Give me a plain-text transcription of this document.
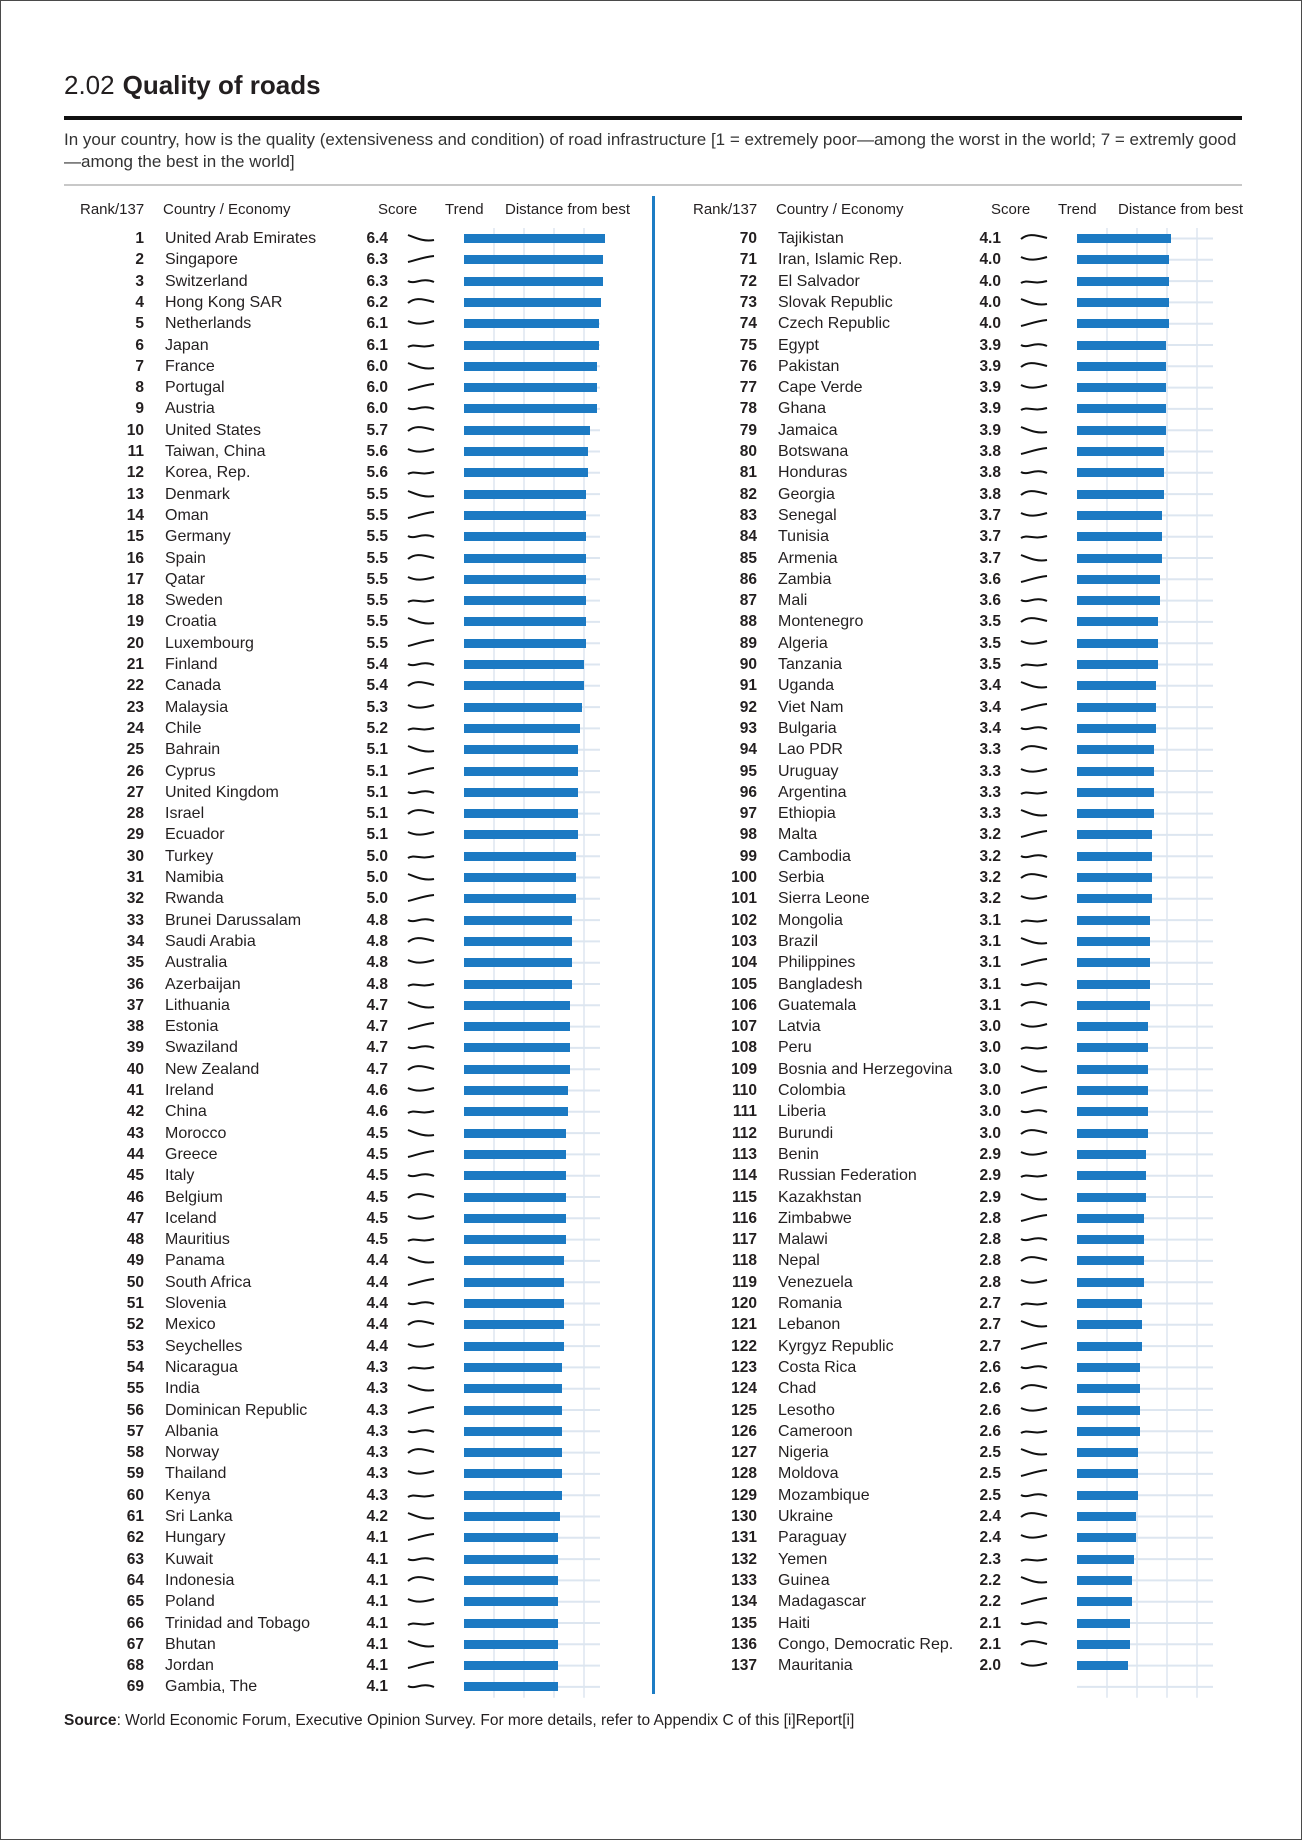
2.02 Quality of roads
In your country, how is the quality (extensiveness and condition) of road infrastructure [1 = extremely poor—among the worst in the world; 7 = extremly good—among the best in the world]
Rank/137 Country / Economy	Score Trend Distance from best	Rank/137 Country / Economy	Score Trend Distance from best
1 United Arab Emirates	6.4
2 Singapore	6.3
3 Switzerland	6.3
4 Hong Kong SAR	6.2
5 Netherlands	6.1
6 Japan	6.1
7 France	6.0
8 Portugal	6.0
9 Austria	6.0
10 United States	5.7
11 Taiwan, China	5.6
12 Korea, Rep.	5.6
13 Denmark	5.5
14 Oman	5.5
15 Germany	5.5
16 Spain	5.5
17 Qatar	5.5
18 Sweden	5.5
19 Croatia	5.5
20 Luxembourg	5.5
21 Finland	5.4
22 Canada	5.4
23 Malaysia	5.3
24 Chile	5.2
25 Bahrain	5.1
26 Cyprus	5.1
27 United Kingdom	5.1
28 Israel	5.1
29 Ecuador	5.1
30 Turkey	5.0
31 Namibia	5.0
32 Rwanda	5.0
33 Brunei Darussalam	4.8
34 Saudi Arabia	4.8
35 Australia	4.8
36 Azerbaijan	4.8
37 Lithuania	4.7
38 Estonia	4.7
39 Swaziland	4.7
40 New Zealand	4.7
41 Ireland	4.6
42 China	4.6
43 Morocco	4.5
44 Greece	4.5
45 Italy	4.5
46 Belgium	4.5
47 Iceland	4.5
48 Mauritius	4.5
49 Panama	4.4
50 South Africa	4.4
51 Slovenia	4.4
52 Mexico	4.4
53 Seychelles	4.4
54 Nicaragua	4.3
55 India	4.3
56 Dominican Republic	4.3
57 Albania	4.3
58 Norway	4.3
59 Thailand	4.3
60 Kenya	4.3
61 Sri Lanka	4.2
62 Hungary	4.1
63 Kuwait	4.1
64 Indonesia	4.1
65 Poland	4.1
66 Trinidad and Tobago	4.1
67 Bhutan	4.1
68 Jordan	4.1
69 Gambia, The	4.1
70 Tajikistan	4.1
71 Iran, Islamic Rep.	4.0
72 El Salvador	4.0
73 Slovak Republic	4.0
74 Czech Republic	4.0
75 Egypt	3.9
76 Pakistan	3.9
77 Cape Verde	3.9
78 Ghana	3.9
79 Jamaica	3.9
80 Botswana	3.8
81 Honduras	3.8
82 Georgia	3.8
83 Senegal	3.7
84 Tunisia	3.7
85 Armenia	3.7
86 Zambia	3.6
87 Mali	3.6
88 Montenegro	3.5
89 Algeria	3.5
90 Tanzania	3.5
91 Uganda	3.4
92 Viet Nam	3.4
93 Bulgaria	3.4
94 Lao PDR	3.3
95 Uruguay	3.3
96 Argentina	3.3
97 Ethiopia	3.3
98 Malta	3.2
99 Cambodia	3.2
100 Serbia	3.2
101 Sierra Leone	3.2
102 Mongolia	3.1
103 Brazil	3.1
104 Philippines	3.1
105 Bangladesh	3.1
106 Guatemala	3.1
107 Latvia	3.0
108 Peru	3.0
109 Bosnia and Herzegovina	3.0
110 Colombia	3.0
111 Liberia	3.0
112 Burundi	3.0
113 Benin	2.9
114 Russian Federation	2.9
115 Kazakhstan	2.9
116 Zimbabwe	2.8
117 Malawi	2.8
118 Nepal	2.8
119 Venezuela	2.8
120 Romania	2.7
121 Lebanon	2.7
122 Kyrgyz Republic	2.7
123 Costa Rica	2.6
124 Chad	2.6
125 Lesotho	2.6
126 Cameroon	2.6
127 Nigeria	2.5
128 Moldova	2.5
129 Mozambique	2.5
130 Ukraine	2.4
131 Paraguay	2.4
132 Yemen	2.3
133 Guinea	2.2
134 Madagascar	2.2
135 Haiti	2.1
136 Congo, Democratic Rep.	2.1
137 Mauritania	2.0
Source: World Economic Forum, Executive Opinion Survey. For more details, refer to Appendix C of this [i]Report[i]
